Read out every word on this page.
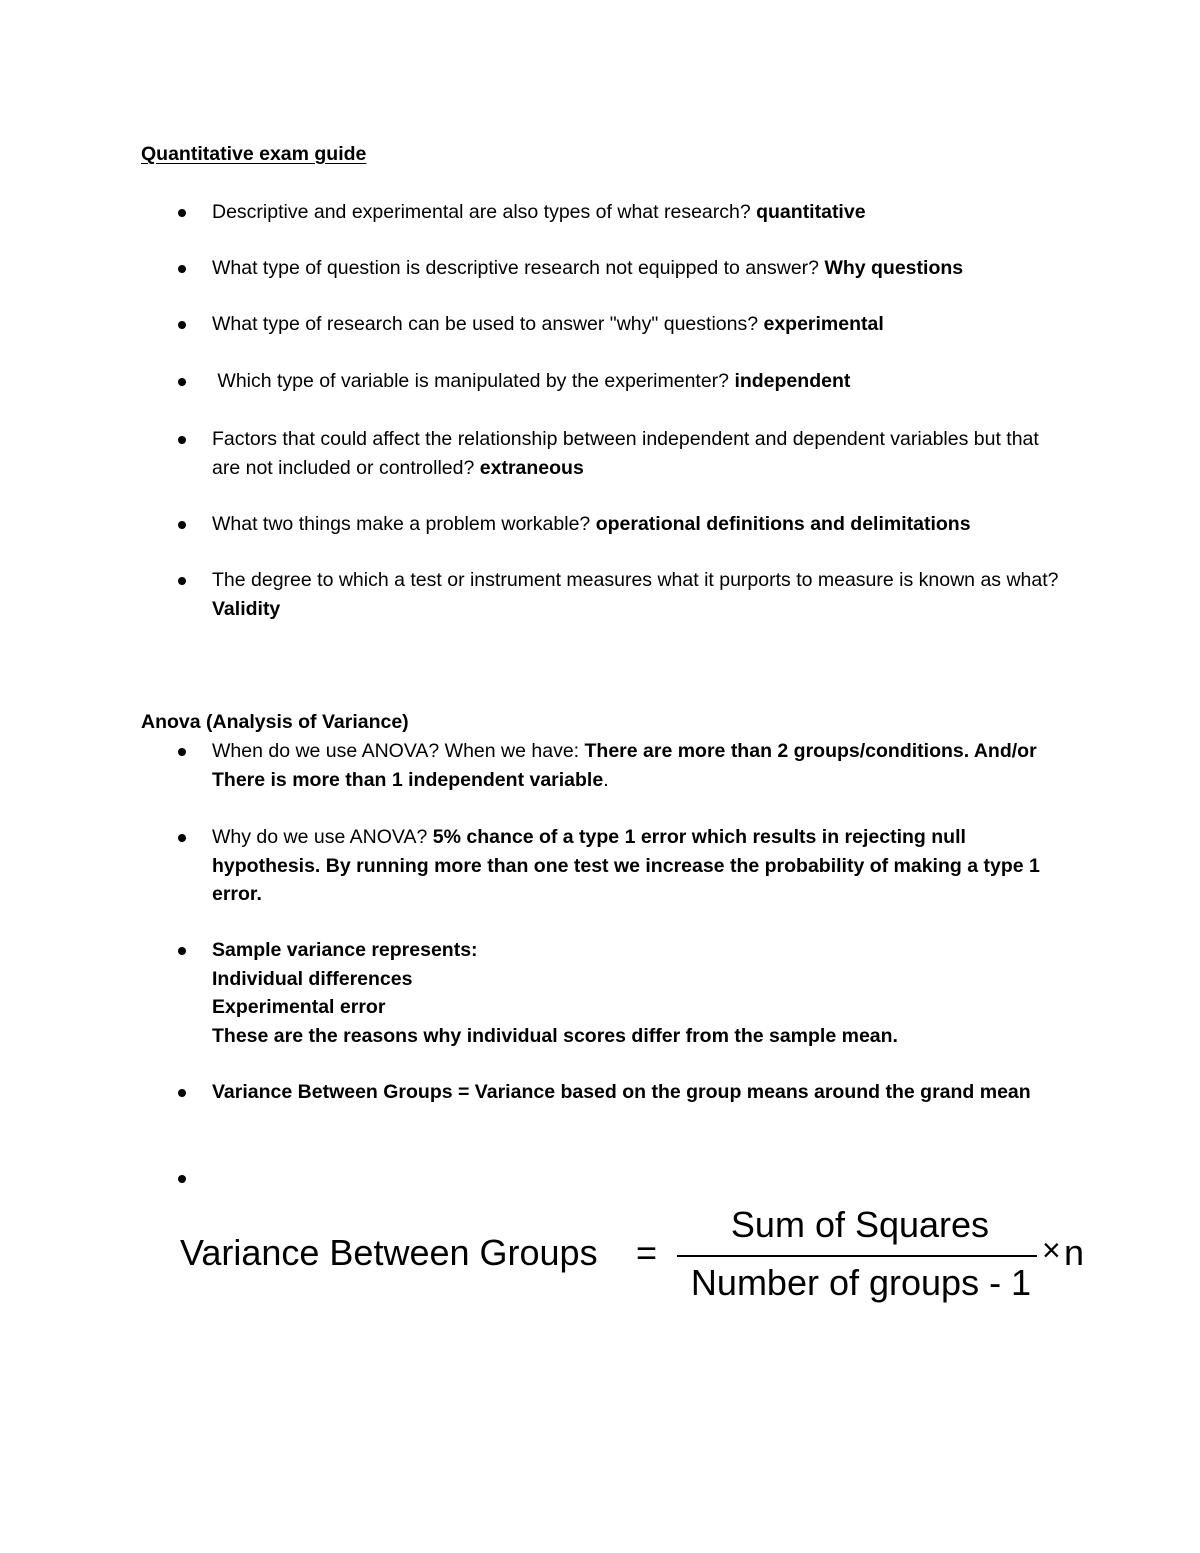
Quantitative exam guide
Descriptive and experimental are also types of what research? quantitative
What type of question is descriptive research not equipped to answer? Why questions
What type of research can be used to answer "why" questions? experimental
Which type of variable is manipulated by the experimenter? independent
Factors that could affect the relationship between independent and dependent variables but that are not included or controlled? extraneous
What two things make a problem workable? operational definitions and delimitations
The degree to which a test or instrument measures what it purports to measure is known as what? Validity
Anova (Analysis of Variance)
When do we use ANOVA? When we have: There are more than 2 groups/conditions. And/or There is more than 1 independent variable.
Why do we use ANOVA? 5% chance of a type 1 error which results in rejecting null hypothesis. By running more than one test we increase the probability of making a type 1 error.
Sample variance represents:
Individual differences
Experimental error
These are the reasons why individual scores differ from the sample mean.
Variance Between Groups = Variance based on the group means around the grand mean
Variance Between Groups =
Sum of Squares
Number of groups - 1
× n
